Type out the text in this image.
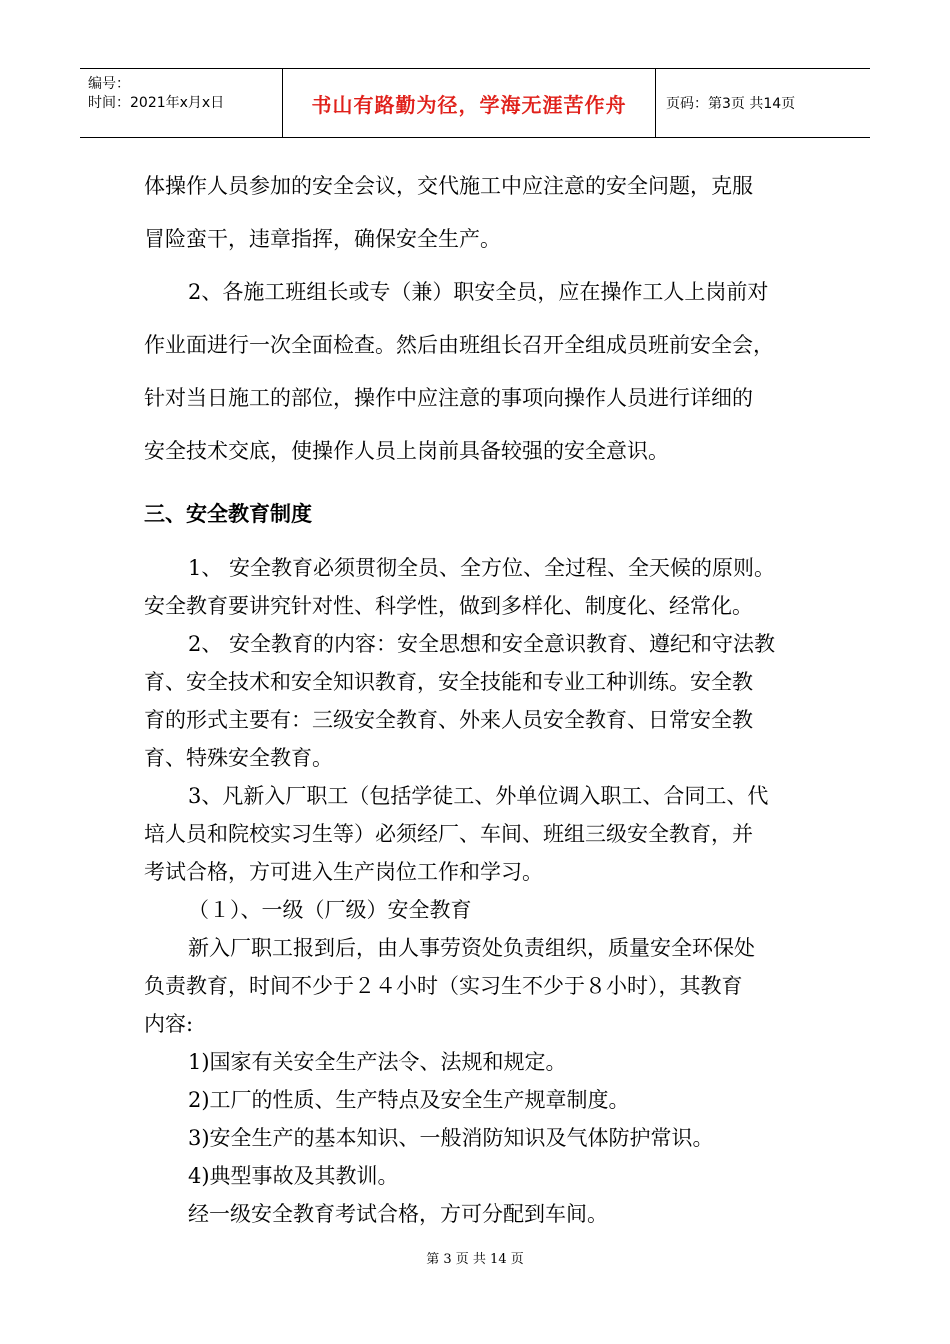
编号：
时间：2021年x月x日	书山有路勤为径，学海无涯苦作舟	页码：第3页 共14页

体操作人员参加的安全会议，交代施工中应注意的安全问题，克服

冒险蛮干，违章指挥，确保安全生产。

2、各施工班组长或专（兼）职安全员，应在操作工人上岗前对

作业面进行一次全面检查。然后由班组长召开全组成员班前安全会，

针对当日施工的部位，操作中应注意的事项向操作人员进行详细的

安全技术交底，使操作人员上岗前具备较强的安全意识。

三、安全教育制度

1、 安全教育必须贯彻全员、全方位、全过程、全天候的原则。

安全教育要讲究针对性、科学性，做到多样化、制度化、经常化。

2、 安全教育的内容：安全思想和安全意识教育、遵纪和守法教

育、安全技术和安全知识教育，安全技能和专业工种训练。安全教

育的形式主要有：三级安全教育、外来人员安全教育、日常安全教

育、特殊安全教育。

3、凡新入厂职工（包括学徒工、外单位调入职工、合同工、代

培人员和院校实习生等）必须经厂、车间、班组三级安全教育，并

考试合格，方可进入生产岗位工作和学习。

（１）、一级（厂级）安全教育

新入厂职工报到后，由人事劳资处负责组织，质量安全环保处

负责教育，时间不少于２４小时（实习生不少于８小时），其教育

内容:

1)国家有关安全生产法令、法规和规定。

2)工厂的性质、生产特点及安全生产规章制度。

3)安全生产的基本知识、一般消防知识及气体防护常识。

4)典型事故及其教训。

经一级安全教育考试合格，方可分配到车间。

第 3 页 共 14 页
